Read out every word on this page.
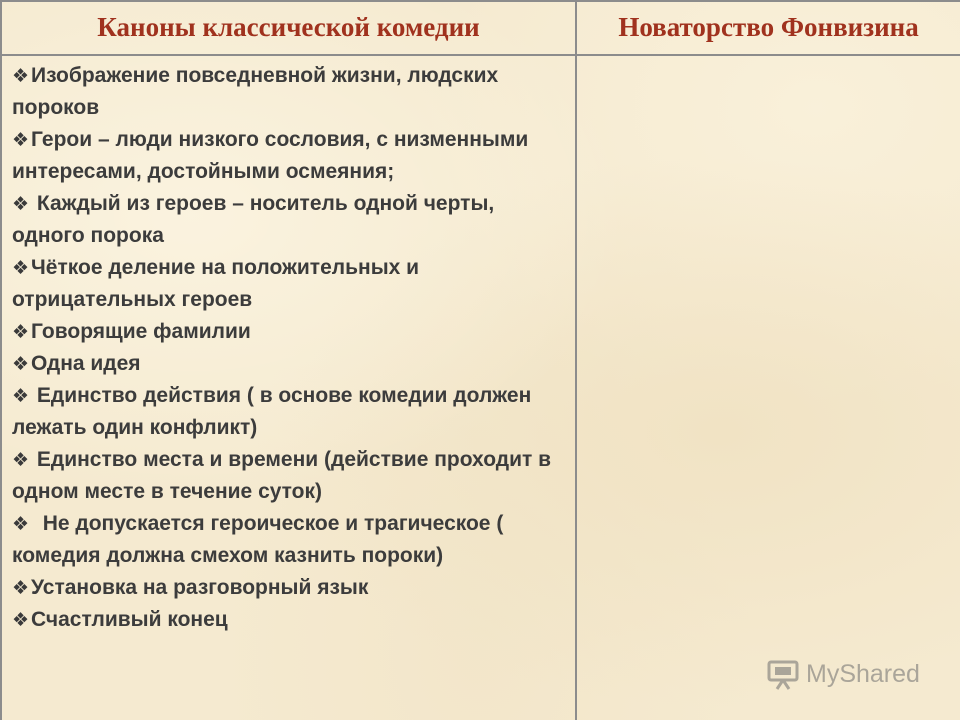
Каноны классической комедии	Новаторство Фонвизина
❖Изображение повседневной жизни, людских пороков
❖Герои – люди низкого сословия, с низменными интересами, достойными осмеяния;
❖ Каждый из героев – носитель одной черты, одного порока
❖Чёткое деление на положительных и отрицательных героев
❖Говорящие фамилии
❖Одна идея
❖ Единство действия ( в основе комедии должен лежать один конфликт)
❖ Единство места и времени (действие проходит в одном месте в течение суток)
❖  Не допускается героическое и трагическое ( комедия должна смехом казнить пороки)
❖Установка на разговорный язык
❖Счастливый конец
MyShared
